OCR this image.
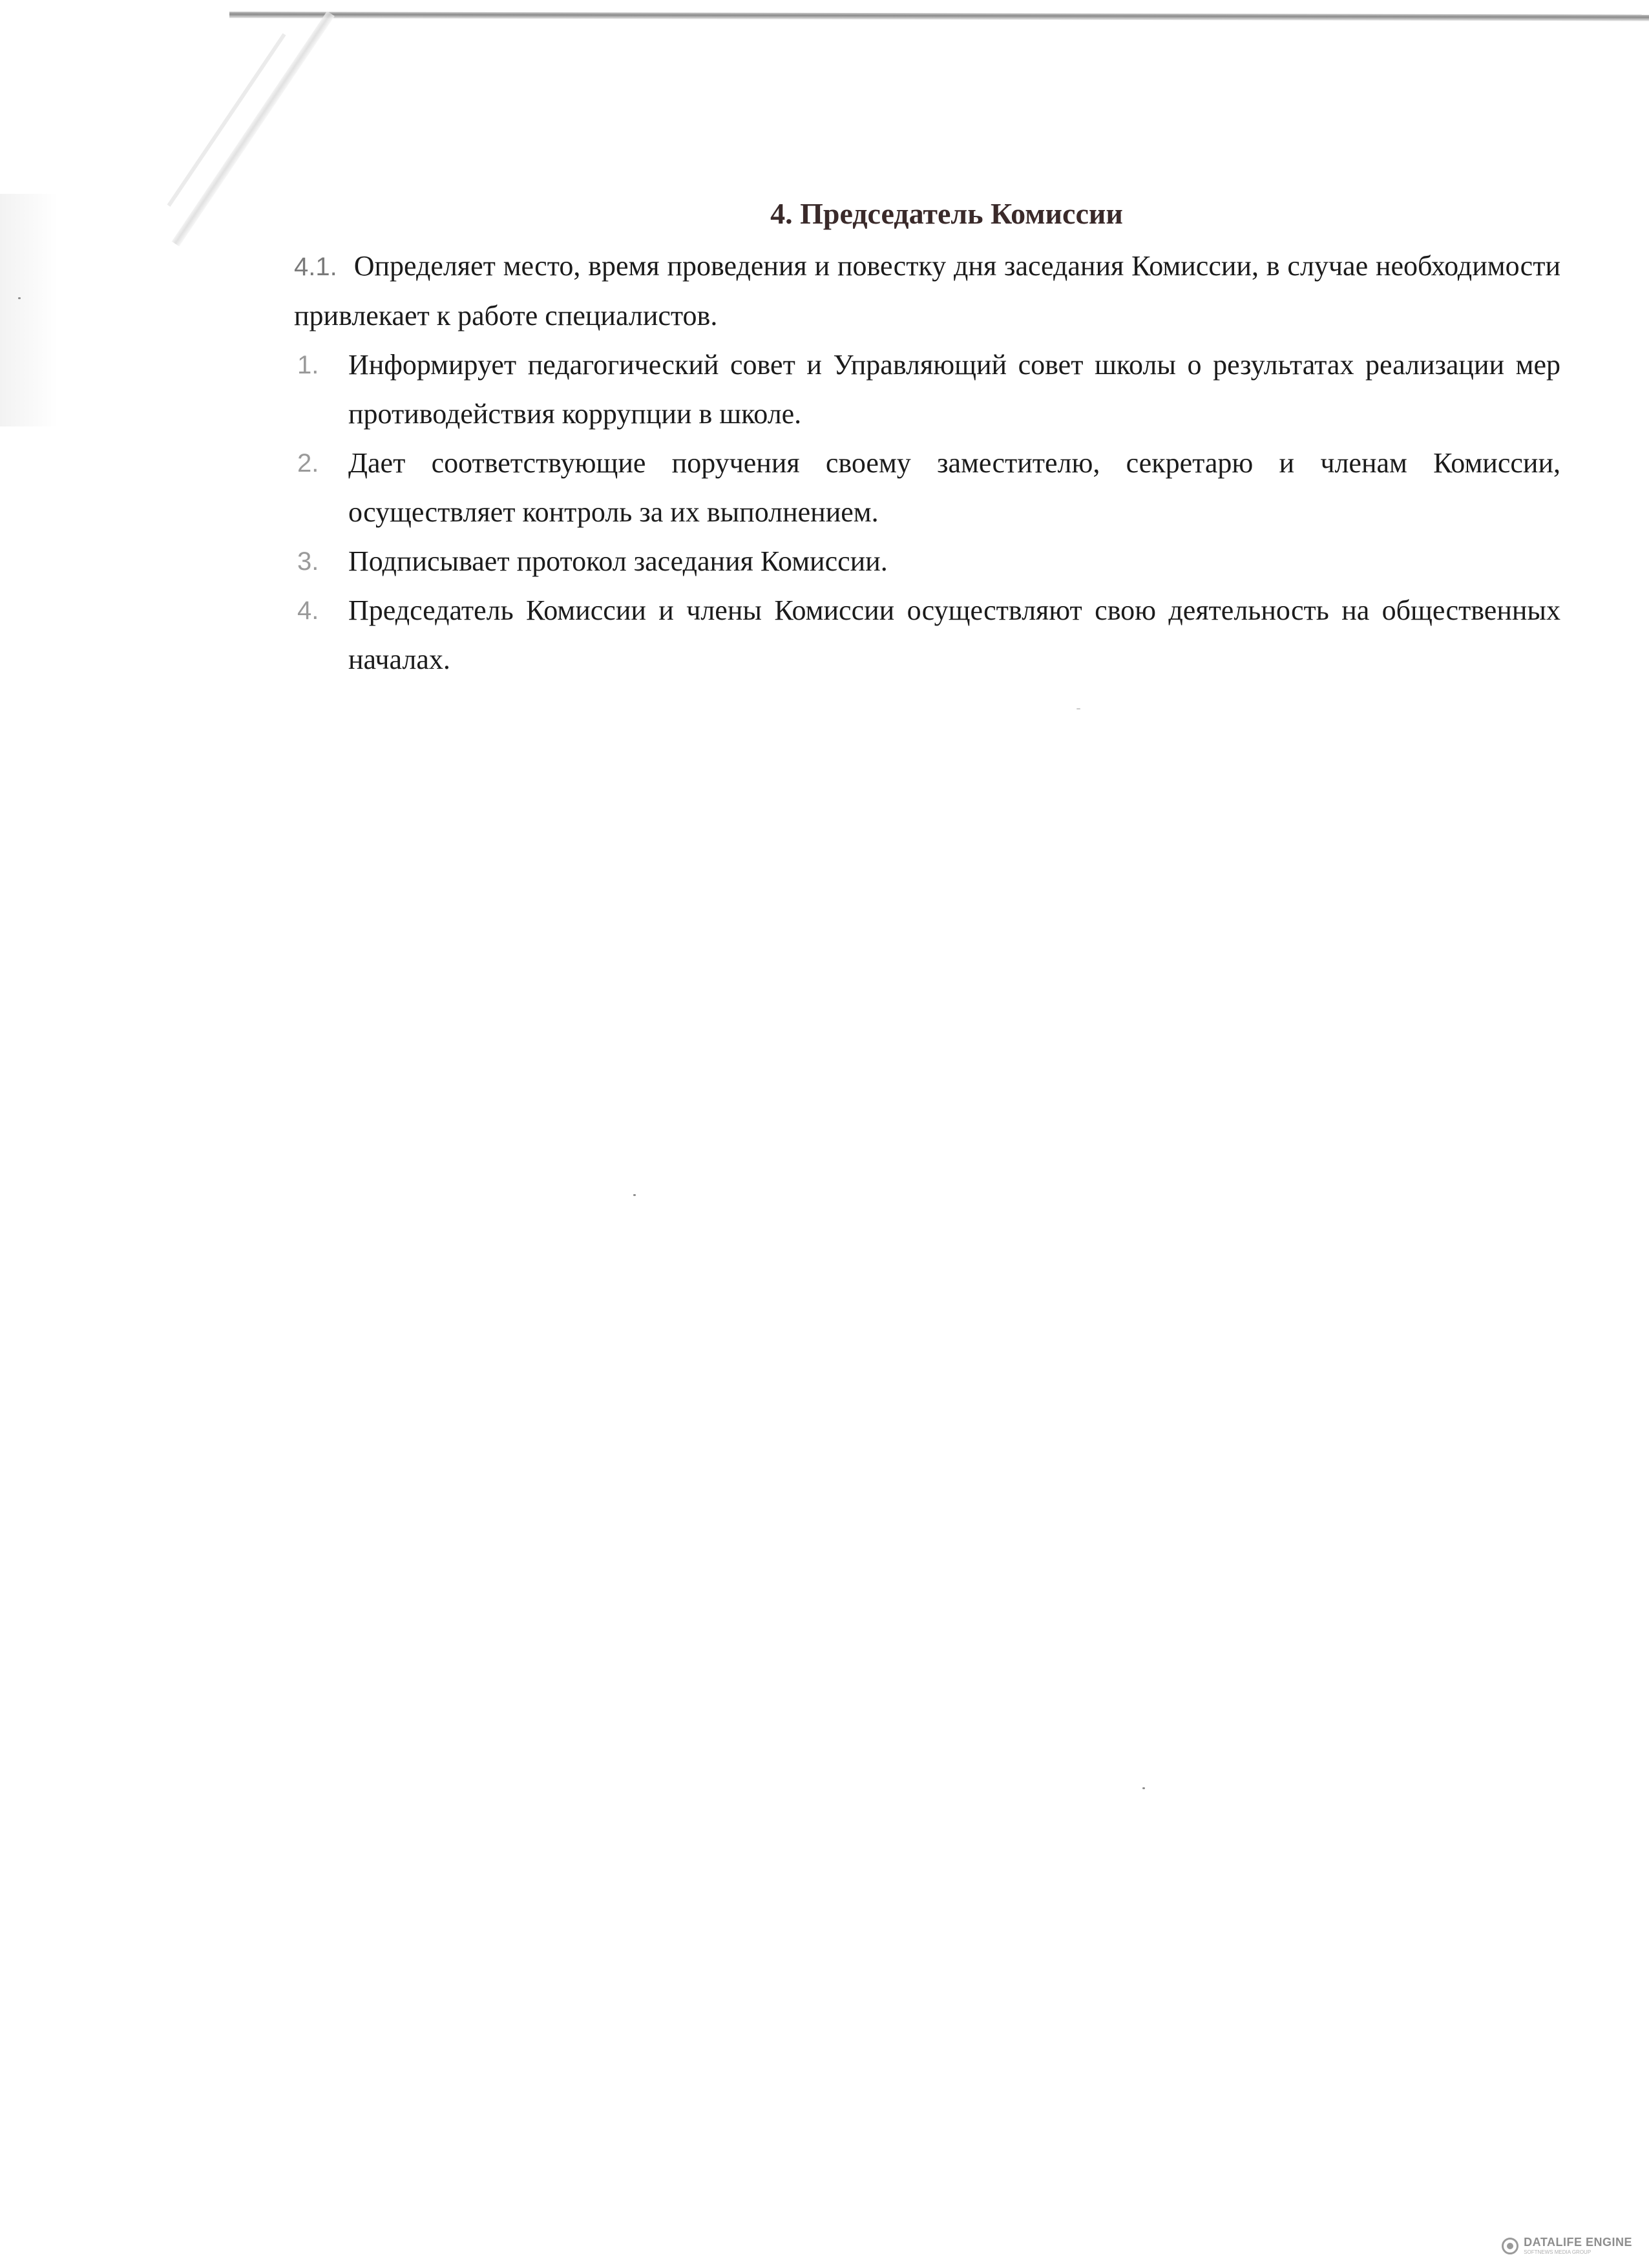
4. Председатель Комиссии

4.1. Определяет место, время проведения и повестку дня заседания Комиссии, в случае необходимости привлекает к работе специалистов.

1. Информирует педагогический совет и Управляющий совет школы о результатах реализации мер противодействия коррупции в школе.
2. Дает соответствующие поручения своему заместителю, секретарю и членам Комиссии, осуществляет контроль за их выполнением.
3. Подписывает протокол заседания Комиссии.
4. Председатель Комиссии и члены Комиссии осуществляют свою деятельность на общественных началах.
DATALIFE ENGINE
SOFTNEWS MEDIA GROUP
